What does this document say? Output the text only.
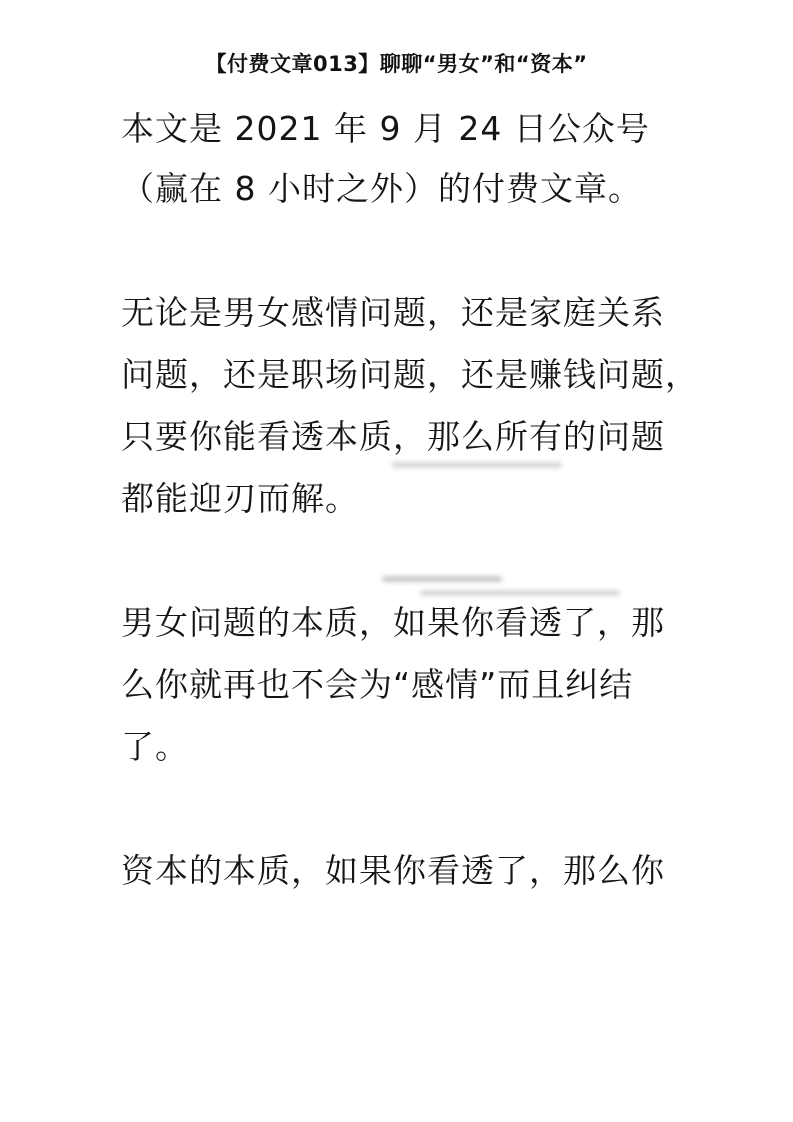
【付费文章013】聊聊“男女”和“资本”
本文是 2021 年 9 月 24 日公众号
（赢在 8 小时之外）的付费文章。
无论是男女感情问题，还是家庭关系
问题，还是职场问题，还是赚钱问题，
只要你能看透本质，那么所有的问题
都能迎刃而解。
男女问题的本质，如果你看透了，那
么你就再也不会为“感情”而且纠结
了。
资本的本质，如果你看透了，那么你
